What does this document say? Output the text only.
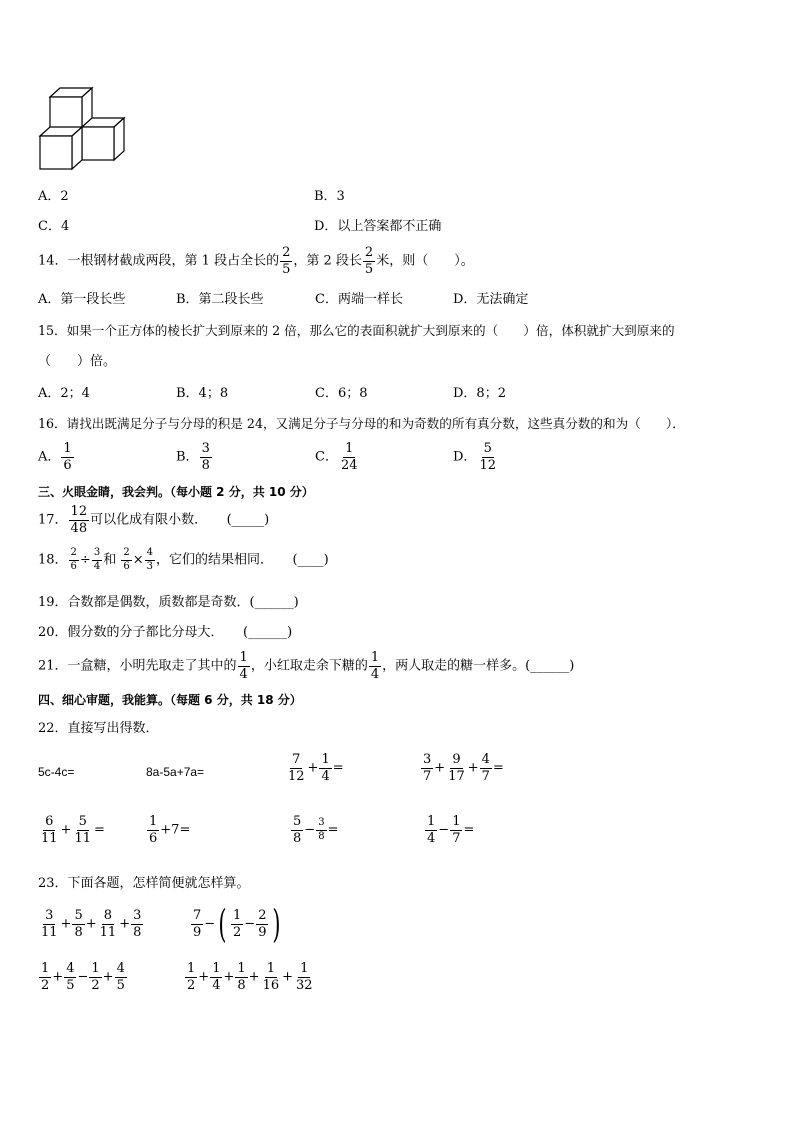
A．2	B．3
C．4	D．以上答案都不正确
14．一根钢材截成两段，第 1 段占全长的 $\frac{2}{5}$ ，第 2 段长 $\frac{2}{5}$ 米，则（　　）。
A．第一段长些	B．第二段长些	C．两端一样长	D．无法确定
15．如果一个正方体的棱长扩大到原来的 2 倍，那么它的表面积就扩大到原来的（　　）倍，体积就扩大到原来的
（　　）倍。
A．2；4	B．4；8	C．6；8	D．8；2
16．请找出既满足分子与分母的积是 24，又满足分子与分母的和为奇数的所有真分数，这些真分数的和为（　　）．
A． $\frac{1}{6}$	B． $\frac{3}{8}$	C． $\frac{1}{24}$	D． $\frac{5}{12}$
三、火眼金睛，我会判。（每小题 2 分，共 10 分）
17． $\frac{12}{48}$ 可以化成有限小数．　　(_____)
18． $\frac{2}{6} \div \frac{3}{4}$ 和 $\frac{2}{6} \times \frac{4}{3}$ ，它们的结果相同．　　(____)
19．合数都是偶数，质数都是奇数．(______)
20．假分数的分子都比分母大．　　(______)
21．一盒糖，小明先取走了其中的 $\frac{1}{4}$ ，小红取走余下糖的 $\frac{1}{4}$ ，两人取走的糖一样多。(______)
四、细心审题，我能算。（每题 6 分，共 18 分）
22．直接写出得数．
5c-4c=	8a-5a+7a=	$\frac{7}{12} + \frac{1}{4}$ =	$\frac{3}{7} + \frac{9}{17} + \frac{4}{7}$ =
$\frac{6}{11} + \frac{5}{11}$ =	$\frac{1}{6} +7=$	$\frac{5}{8} - \frac{3}{8}$ =	$\frac{1}{4} - \frac{1}{7}$ =
23．下面各题，怎样简便就怎样算。
$\frac{3}{11} + \frac{5}{8} + \frac{8}{11} + \frac{3}{8}$	$\frac{7}{9}$ −( $\frac{1}{2} - \frac{2}{9}$ )
$\frac{1}{2} + \frac{4}{5} - \frac{1}{2} + \frac{4}{5}$	$\frac{1}{2} + \frac{1}{4} + \frac{1}{8} + \frac{1}{16} + \frac{1}{32}$
